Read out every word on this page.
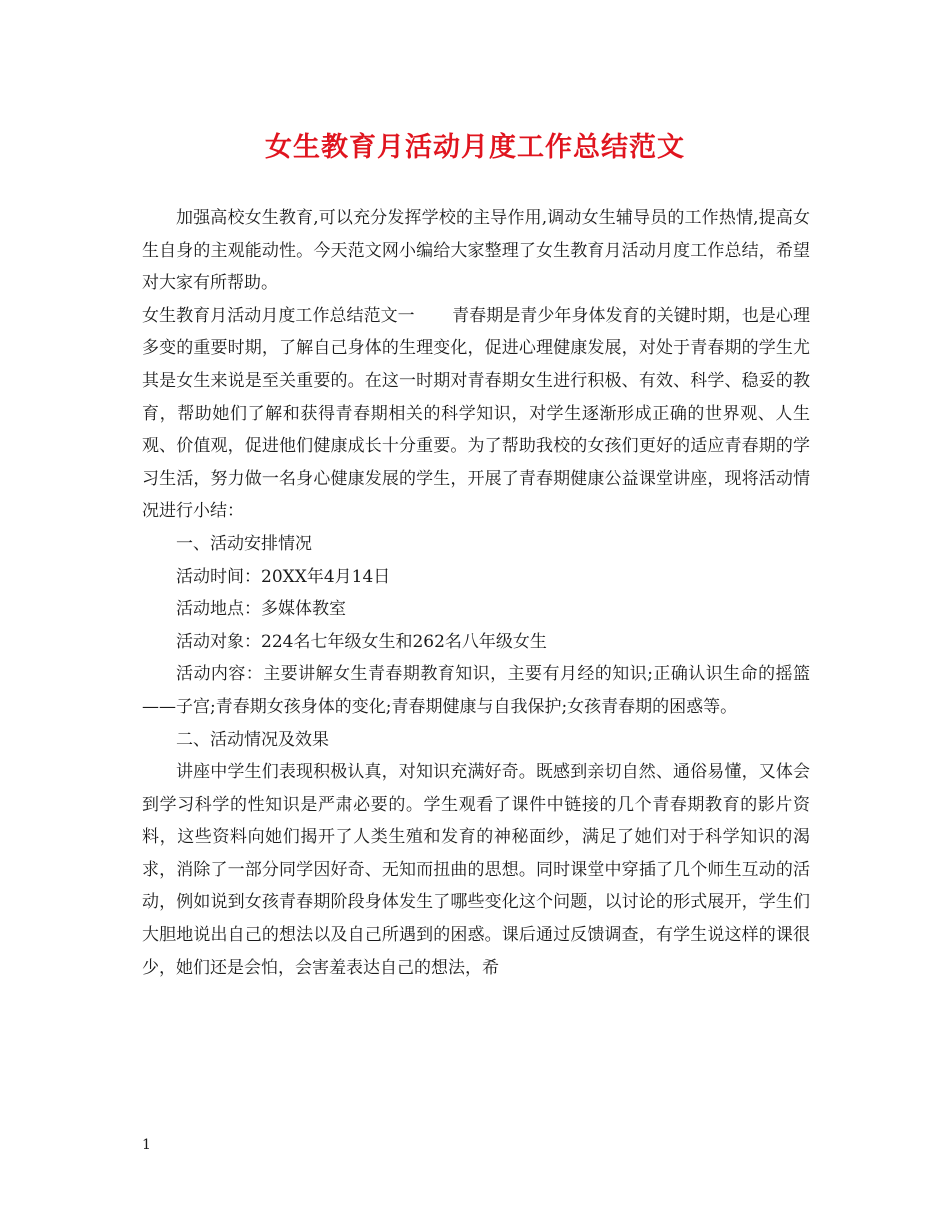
女生教育月活动月度工作总结范文

加强高校女生教育,可以充分发挥学校的主导作用,调动女生辅导员的工作热情,提高女生自身的主观能动性。今天范文网小编给大家整理了女生教育月活动月度工作总结，希望对大家有所帮助。

女生教育月活动月度工作总结范文一 青春期是青少年身体发育的关键时期，也是心理多变的重要时期，了解自己身体的生理变化，促进心理健康发展，对处于青春期的学生尤其是女生来说是至关重要的。在这一时期对青春期女生进行积极、有效、科学、稳妥的教育，帮助她们了解和获得青春期相关的科学知识，对学生逐渐形成正确的世界观、人生观、价值观，促进他们健康成长十分重要。为了帮助我校的女孩们更好的适应青春期的学习生活，努力做一名身心健康发展的学生，开展了青春期健康公益课堂讲座，现将活动情况进行小结：

一、活动安排情况

活动时间：20XX年4月14日

活动地点：多媒体教室

活动对象：224名七年级女生和262名八年级女生

活动内容：主要讲解女生青春期教育知识，主要有月经的知识;正确认识生命的摇篮——子宫;青春期女孩身体的变化;青春期健康与自我保护;女孩青春期的困惑等。

二、活动情况及效果

讲座中学生们表现积极认真，对知识充满好奇。既感到亲切自然、通俗易懂，又体会到学习科学的性知识是严肃必要的。学生观看了课件中链接的几个青春期教育的影片资料，这些资料向她们揭开了人类生殖和发育的神秘面纱，满足了她们对于科学知识的渴求，消除了一部分同学因好奇、无知而扭曲的思想。同时课堂中穿插了几个师生互动的活动，例如说到女孩青春期阶段身体发生了哪些变化这个问题，以讨论的形式展开，学生们大胆地说出自己的想法以及自己所遇到的困惑。课后通过反馈调查，有学生说这样的课很少，她们还是会怕，会害羞表达自己的想法，希

1
